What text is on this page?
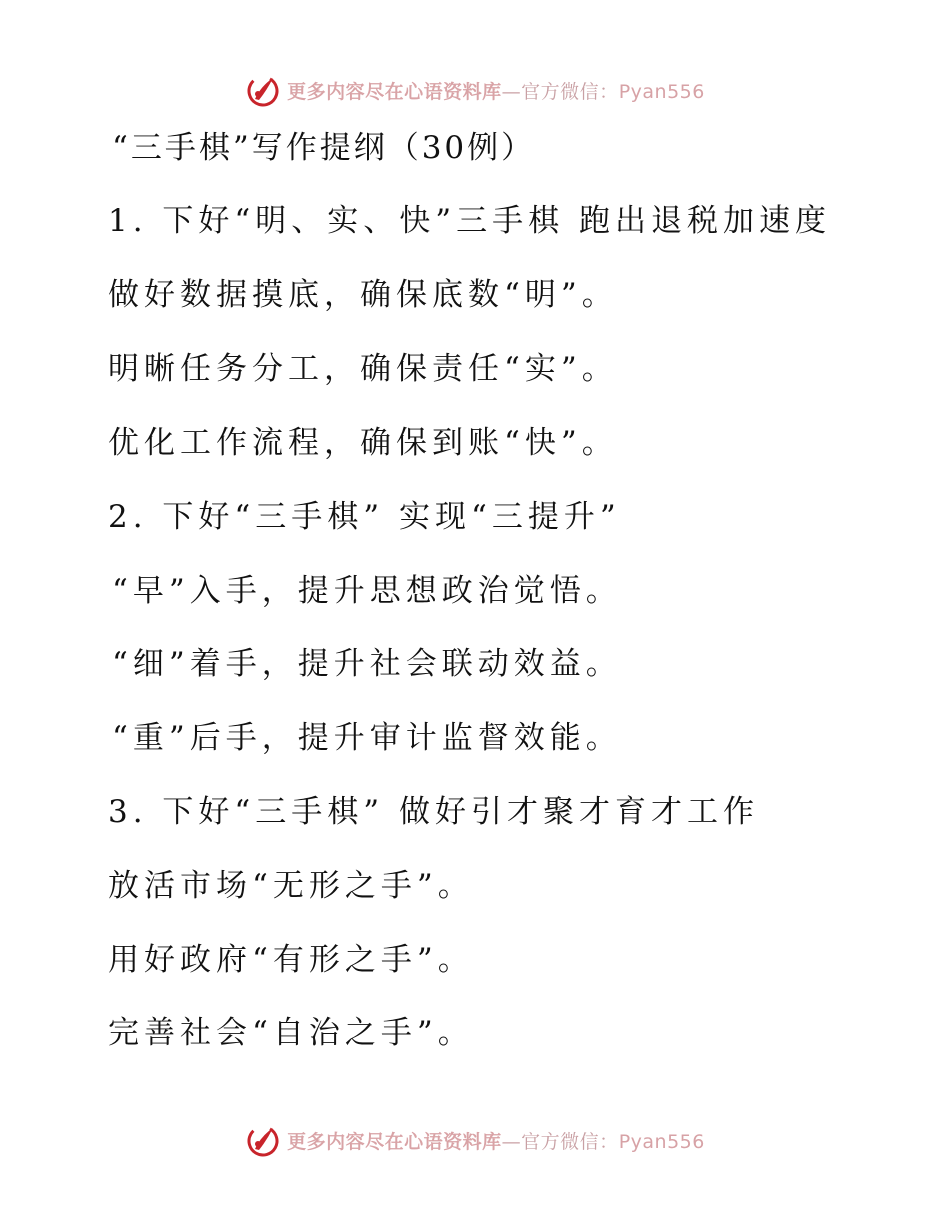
更多内容尽在心语资料库—官方微信：Pyan556
“三手棋”写作提纲（30例）
1. 下好“明、实、快”三手棋 跑出退税加速度
做好数据摸底，确保底数“明”。
明晰任务分工，确保责任“实”。
优化工作流程，确保到账“快”。
2. 下好“三手棋” 实现“三提升”
“早”入手，提升思想政治觉悟。
“细”着手，提升社会联动效益。
“重”后手，提升审计监督效能。
3. 下好“三手棋” 做好引才聚才育才工作
放活市场“无形之手”。
用好政府“有形之手”。
完善社会“自治之手”。
更多内容尽在心语资料库—官方微信：Pyan556
